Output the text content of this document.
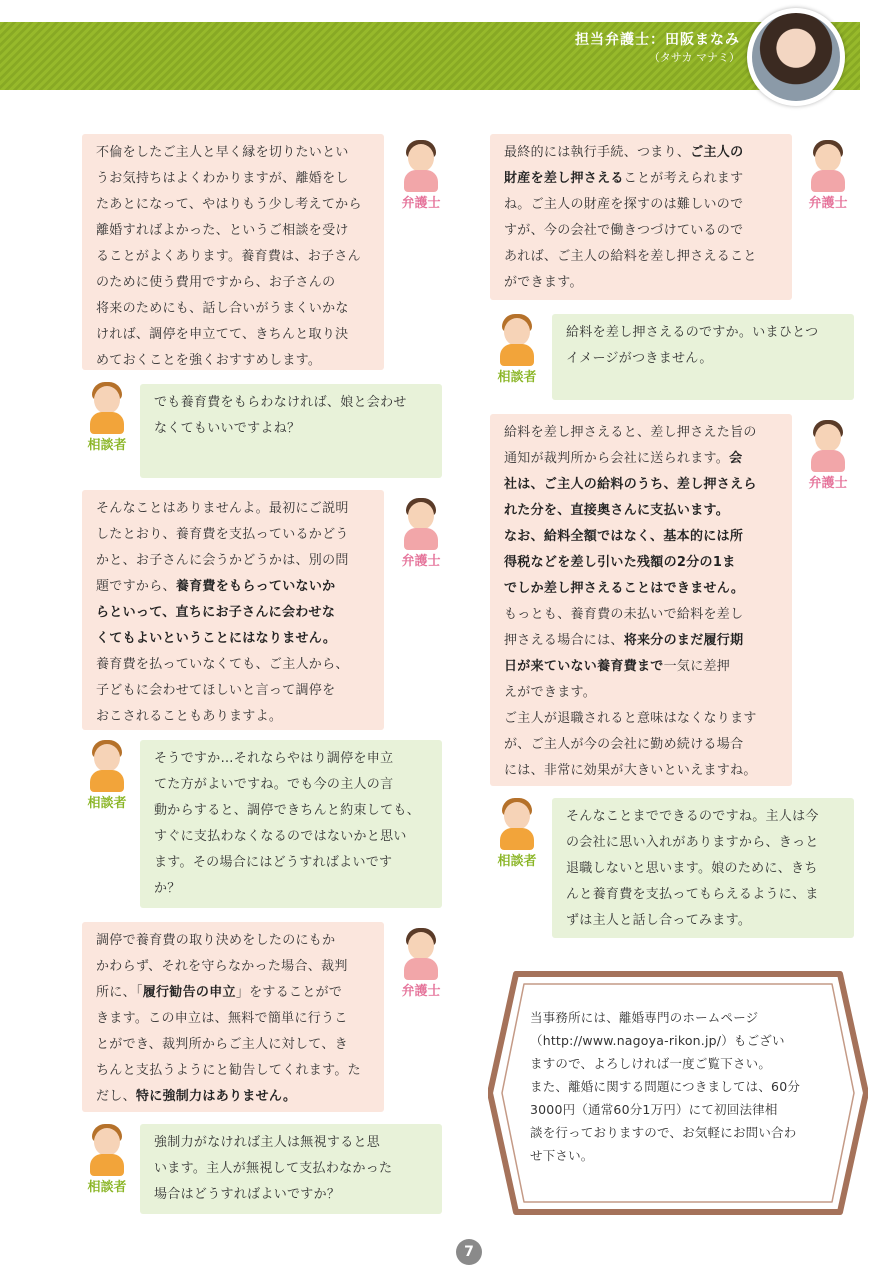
担当弁護士：田阪まなみ
（タサカ マナミ）
不倫をしたご主人と早く縁を切りたいとい
うお気持ちはよくわかりますが、離婚をし
たあとになって、やはりもう少し考えてから
離婚すればよかった、というご相談を受け
ることがよくあります。養育費は、お子さん
のために使う費用ですから、お子さんの
将来のためにも、話し合いがうまくいかな
ければ、調停を申立てて、きちんと取り決
めておくことを強くおすすめします。
弁護士
相談者
でも養育費をもらわなければ、娘と会わせ
なくてもいいですよね？
そんなことはありませんよ。最初にご説明
したとおり、養育費を支払っているかどう
かと、お子さんに会うかどうかは、別の問
題ですから、養育費をもらっていないか
らといって、直ちにお子さんに会わせな
くてもよいということにはなりません。
養育費を払っていなくても、ご主人から、
子どもに会わせてほしいと言って調停を
おこされることもありますよ。
弁護士
相談者
そうですか…それならやはり調停を申立
てた方がよいですね。でも今の主人の言
動からすると、調停できちんと約束しても、
すぐに支払わなくなるのではないかと思い
ます。その場合にはどうすればよいです
か？
調停で養育費の取り決めをしたのにもか
かわらず、それを守らなかった場合、裁判
所に、「履行勧告の申立」をすることがで
きます。この申立は、無料で簡単に行うこ
とができ、裁判所からご主人に対して、き
ちんと支払うようにと勧告してくれます。た
だし、特に強制力はありません。
弁護士
相談者
強制力がなければ主人は無視すると思
います。主人が無視して支払わなかった
場合はどうすればよいですか？
最終的には執行手続、つまり、ご主人の
財産を差し押さえることが考えられます
ね。ご主人の財産を探すのは難しいので
すが、今の会社で働きつづけているので
あれば、ご主人の給料を差し押さえること
ができます。
弁護士
相談者
給料を差し押さえるのですか。いまひとつ
イメージがつきません。
給料を差し押さえると、差し押さえた旨の
通知が裁判所から会社に送られます。会
社は、ご主人の給料のうち、差し押さえら
れた分を、直接奥さんに支払います。
なお、給料全額ではなく、基本的には所
得税などを差し引いた残額の2分の1ま
でしか差し押さえることはできません。
もっとも、養育費の未払いで給料を差し
押さえる場合には、将来分のまだ履行期
日が来ていない養育費まで一気に差押
えができます。
ご主人が退職されると意味はなくなります
が、ご主人が今の会社に勤め続ける場合
には、非常に効果が大きいといえますね。
弁護士
相談者
そんなことまでできるのですね。主人は今
の会社に思い入れがありますから、きっと
退職しないと思います。娘のために、きち
んと養育費を支払ってもらえるように、ま
ずは主人と話し合ってみます。
当事務所には、離婚専門のホームページ
（http://www.nagoya-rikon.jp/）もござい
ますので、よろしければ一度ご覧下さい。
また、離婚に関する問題につきましては、60分
3000円（通常60分1万円）にて初回法律相
談を行っておりますので、お気軽にお問い合わ
せ下さい。
7
